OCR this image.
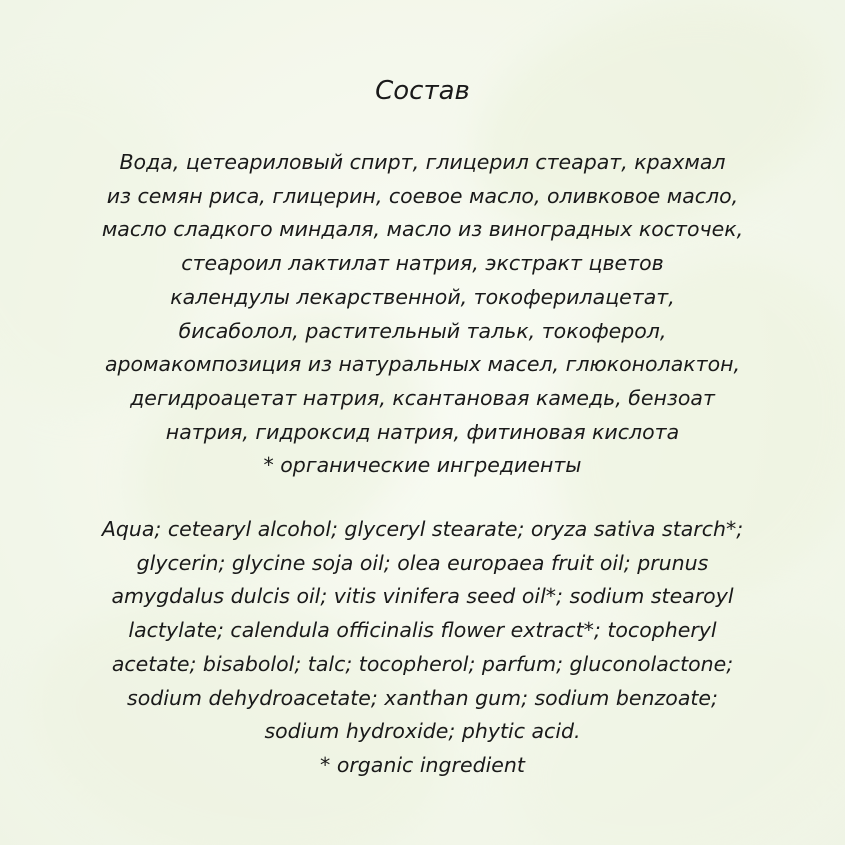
Состав
Вода, цетеариловый спирт, глицерил стеарат, крахмал
из семян риса, глицерин, соевое масло, оливковое масло,
масло сладкого миндаля, масло из виноградных косточек,
стеароил лактилат натрия, экстракт цветов
календулы лекарственной, токоферилацетат,
бисаболол, растительный тальк, токоферол,
аромакомпозиция из натуральных масел, глюконолактон,
дегидроацетат натрия, ксантановая камедь, бензоат
натрия, гидроксид натрия, фитиновая кислота
* органические ингредиенты
Aqua; cetearyl alcohol; glyceryl stearate; oryza sativa starch*;
glycerin; glycine soja oil; olea europaea fruit oil; prunus
amygdalus dulcis oil; vitis vinifera seed oil*; sodium stearoyl
lactylate; calendula officinalis flower extract*; tocopheryl
acetate; bisabolol; talc; tocopherol; parfum; gluconolactone;
sodium dehydroacetate; xanthan gum; sodium benzoate;
sodium hydroxide; phytic acid.
* organic ingredient
